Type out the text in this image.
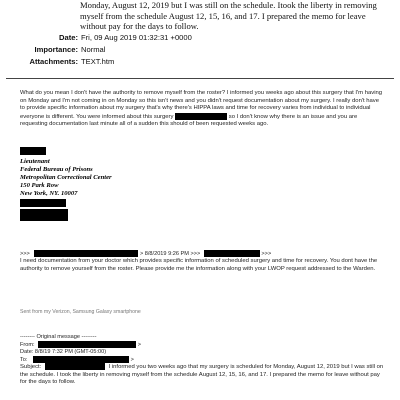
Monday, August 12, 2019 but I was still on the schedule. Itook the liberty in removing
myself from the schedule August 12, 15, 16, and 17. I prepared the memo for leave
without pay for the days to follow.
Date: Fri, 09 Aug 2019 01:32:31 +0000
Importance: Normal
Attachments: TEXT.htm
What do you mean I don't have the authority to remove myself from the roster? I informed you weeks ago about this surgery that I'm having on Monday and I'm not coming in on Monday so this isn't news and you didn't request documentation about my surgery. I really don't have to provide specific information about my surgery that's why there's HIPPA laws and time for recovery varies from individual to individual everyone is different. You were informed about this surgery	so I don't know why there is an issue and you are requesting documentation last minute all of a sudden this should of been requested weeks ago.
Lieutenant
Federal Bureau of Prisons
Metropolitan Correctional Center
150 Park Row
New York, NY. 10007
>>>	> 8/8/2019 9:26 PM >>>	>>>
I need documentation from your doctor which provides specific information of scheduled surgery and time for recovery. You dont have the authority to remove yourself from the roster. Please provide me the information along with your LWOP request addressed to the Warden.
Sent from my Verizon, Samsung Galaxy smartphone
-------- Original message --------
From:	>
Date: 8/8/19 7:32 PM (GMT-05:00)
To:	>
Subject:	I informed you two weeks ago that my surgery is scheduled for Monday, August 12, 2019 but I was still on the schedule. I took the liberty in removing myself from the schedule August 12, 15, 16, and 17. I prepared the memo for leave without pay for the days to follow.
